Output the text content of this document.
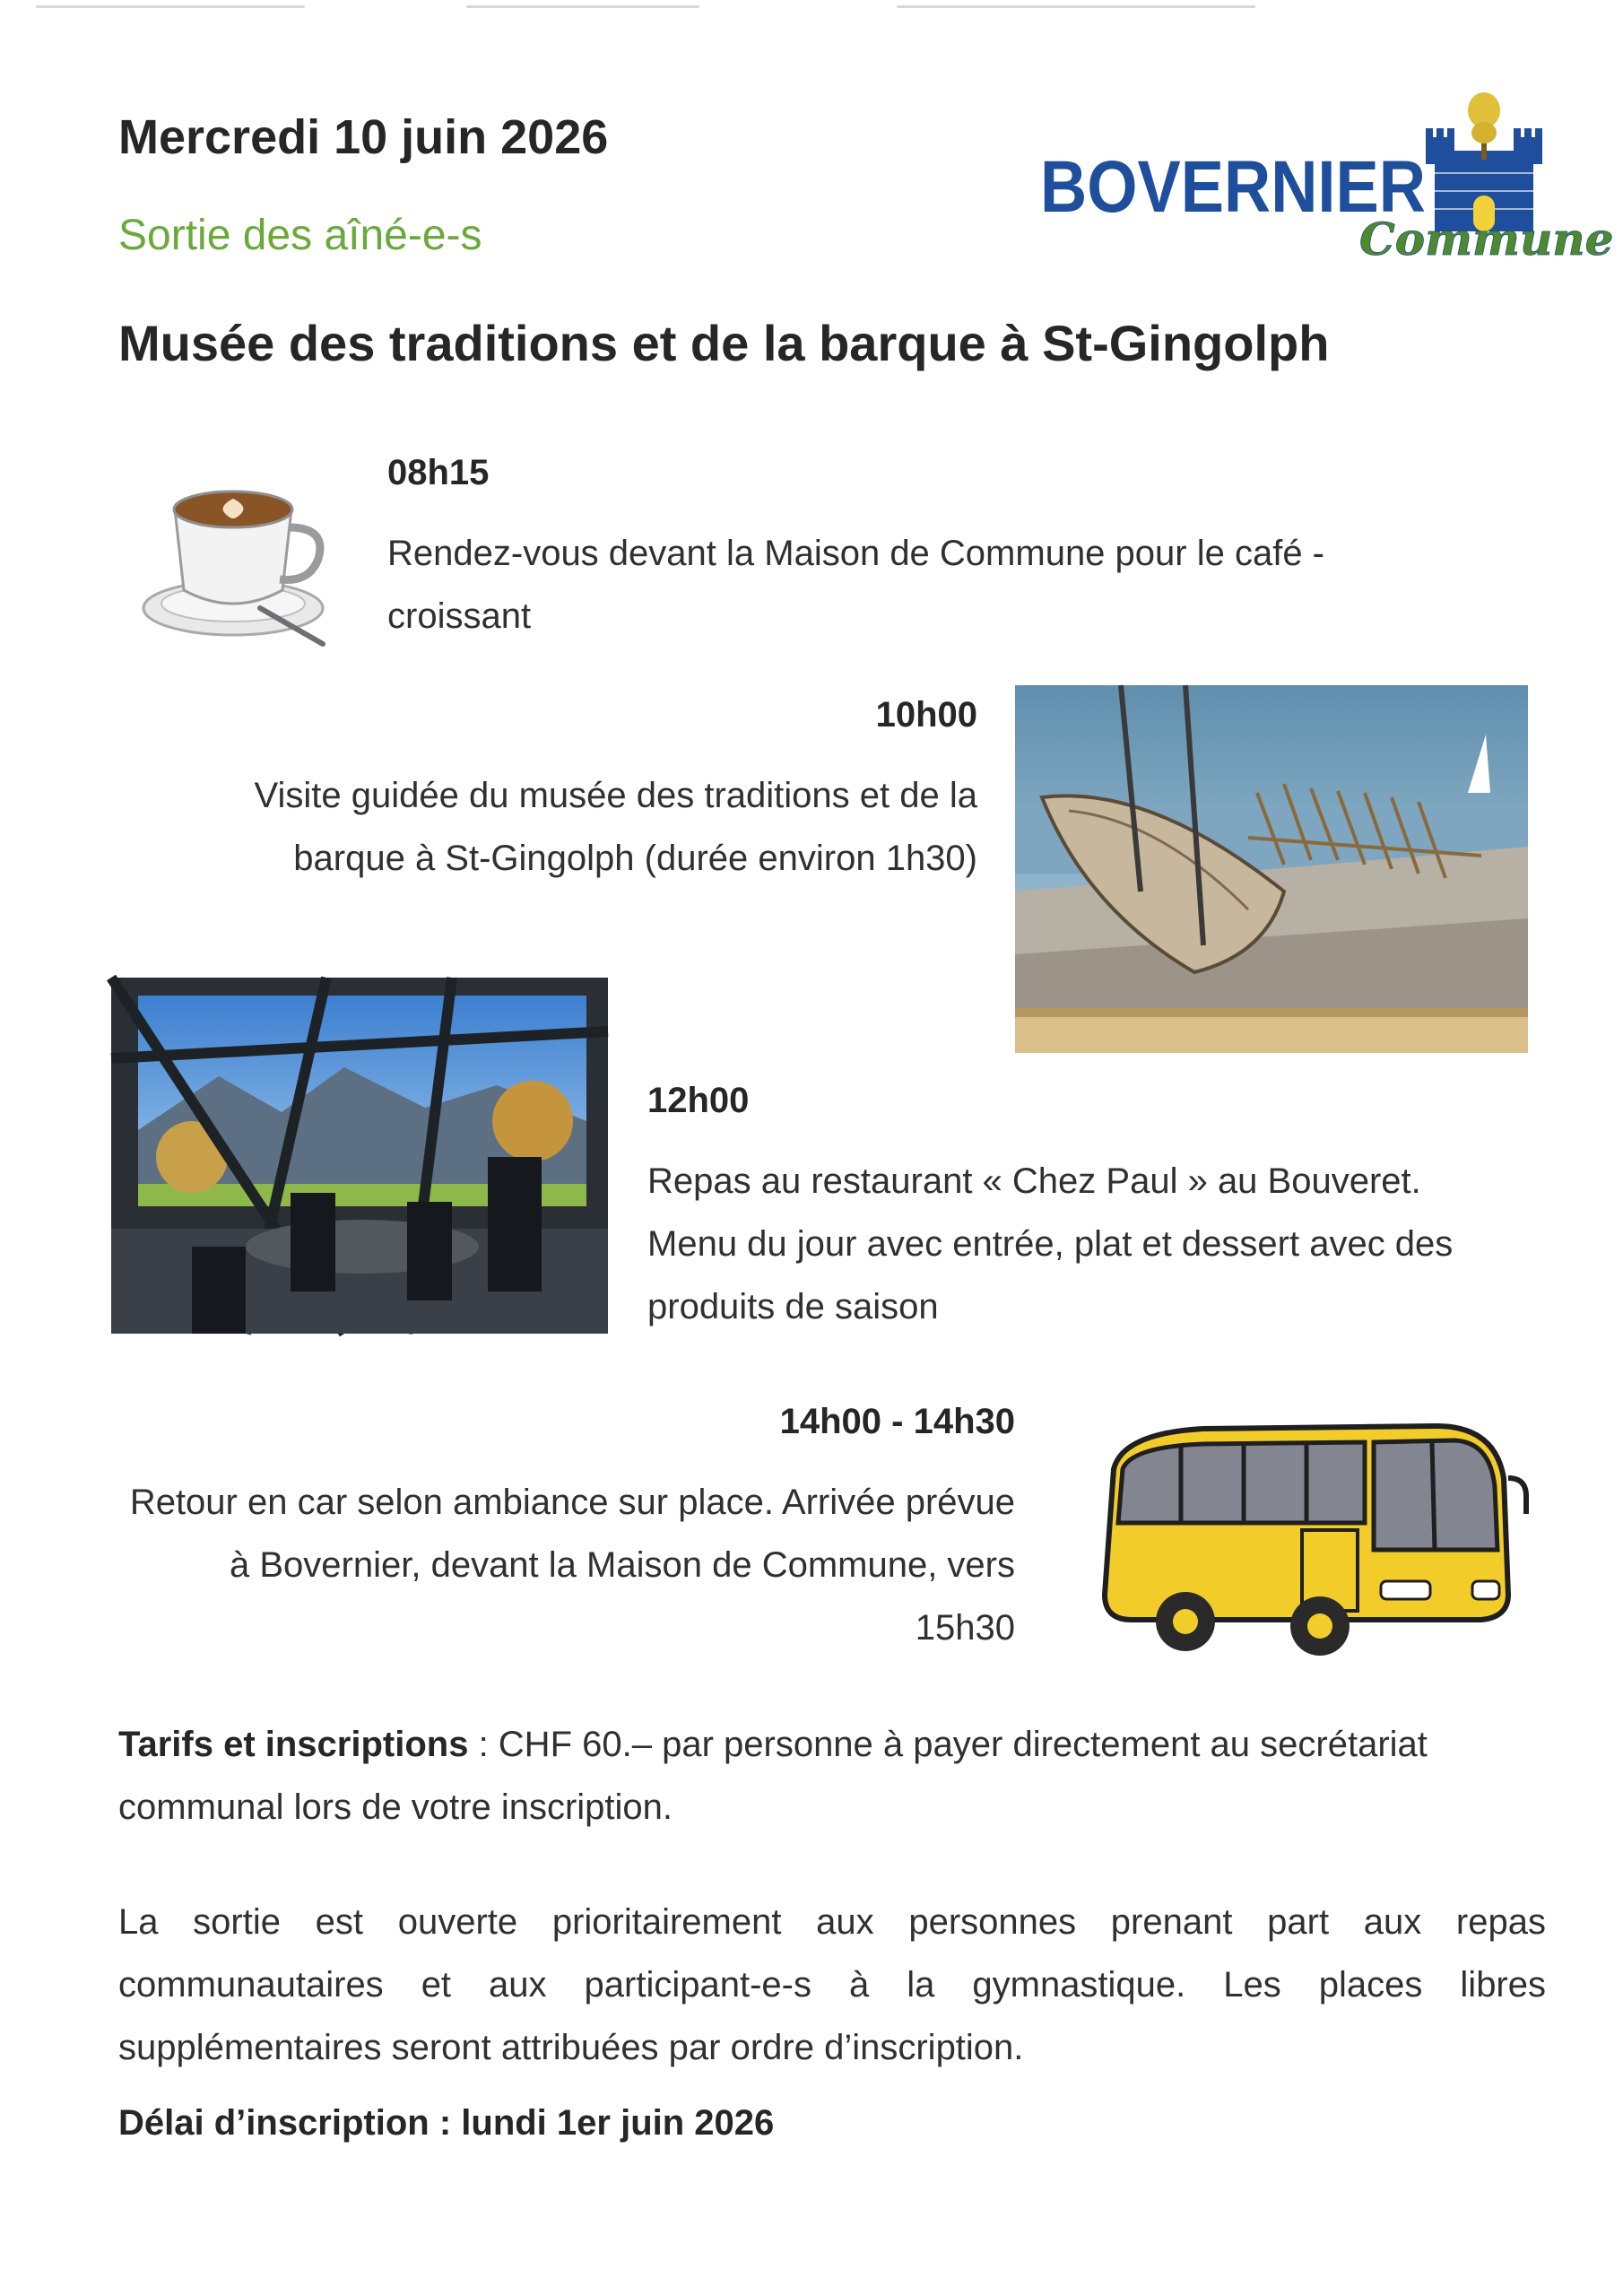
Mercredi 10 juin 2026
Sortie des aîné-e-s
Musée des traditions et de la barque à St-Gingolph
BOVERNIER
Commune
08h15
Rendez-vous devant la Maison de Commune pour le café - croissant
10h00
Visite guidée du musée des traditions et de la barque à St-Gingolph (durée environ 1h30)
12h00
Repas au restaurant « Chez Paul » au Bouveret. Menu du jour avec entrée, plat et dessert avec des produits de saison
14h00 - 14h30
Retour en car selon ambiance sur place. Arrivée prévue à Bovernier, devant la Maison de Commune, vers 15h30
Tarifs et inscriptions : CHF 60.– par personne à payer directement au secrétariat communal lors de votre inscription.
La sortie est ouverte prioritairement aux personnes prenant part aux repas communautaires et aux participant-e-s à la gymnastique. Les places libres supplémentaires seront attribuées par ordre d’inscription.
Délai d’inscription : lundi 1er juin 2026
